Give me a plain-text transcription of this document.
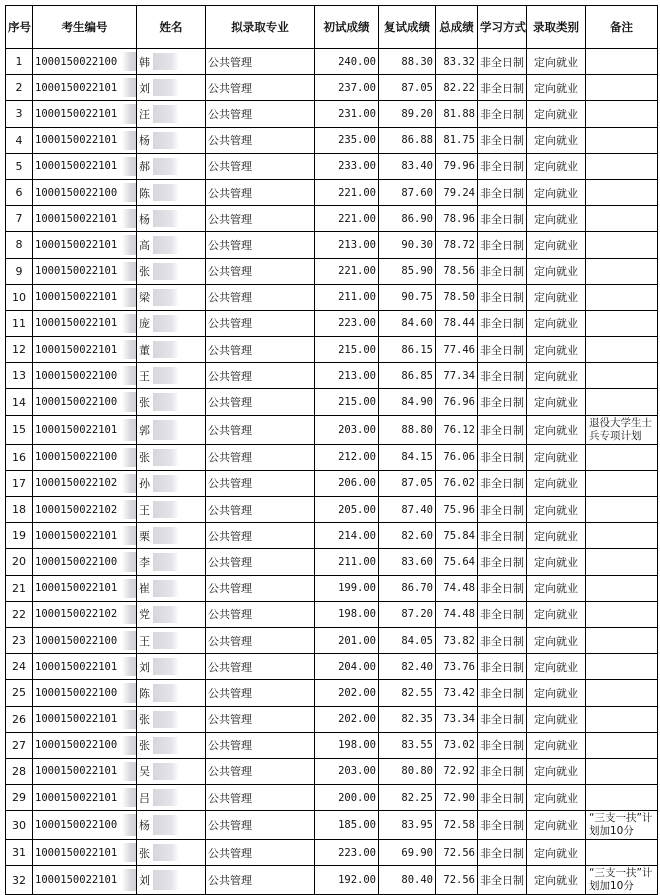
序号	考生编号	姓名	拟录取专业	初试成绩	复试成绩	总成绩	学习方式	录取类别	备注
1	1000150022100	韩	公共管理	240.00	88.30	83.32	非全日制	定向就业	
2	1000150022101	刘	公共管理	237.00	87.05	82.22	非全日制	定向就业	
3	1000150022101	汪	公共管理	231.00	89.20	81.88	非全日制	定向就业	
4	1000150022101	杨	公共管理	235.00	86.88	81.75	非全日制	定向就业	
5	1000150022101	郝	公共管理	233.00	83.40	79.96	非全日制	定向就业	
6	1000150022100	陈	公共管理	221.00	87.60	79.24	非全日制	定向就业	
7	1000150022101	杨	公共管理	221.00	86.90	78.96	非全日制	定向就业	
8	1000150022101	高	公共管理	213.00	90.30	78.72	非全日制	定向就业	
9	1000150022101	张	公共管理	221.00	85.90	78.56	非全日制	定向就业	
10	1000150022101	梁	公共管理	211.00	90.75	78.50	非全日制	定向就业	
11	1000150022101	庞	公共管理	223.00	84.60	78.44	非全日制	定向就业	
12	1000150022101	董	公共管理	215.00	86.15	77.46	非全日制	定向就业	
13	1000150022100	王	公共管理	213.00	86.85	77.34	非全日制	定向就业	
14	1000150022100	张	公共管理	215.00	84.90	76.96	非全日制	定向就业	
15	1000150022101	郭	公共管理	203.00	88.80	76.12	非全日制	定向就业	退役大学生士兵专项计划
16	1000150022100	张	公共管理	212.00	84.15	76.06	非全日制	定向就业	
17	1000150022102	孙	公共管理	206.00	87.05	76.02	非全日制	定向就业	
18	1000150022102	王	公共管理	205.00	87.40	75.96	非全日制	定向就业	
19	1000150022101	栗	公共管理	214.00	82.60	75.84	非全日制	定向就业	
20	1000150022100	李	公共管理	211.00	83.60	75.64	非全日制	定向就业	
21	1000150022101	崔	公共管理	199.00	86.70	74.48	非全日制	定向就业	
22	1000150022102	党	公共管理	198.00	87.20	74.48	非全日制	定向就业	
23	1000150022100	王	公共管理	201.00	84.05	73.82	非全日制	定向就业	
24	1000150022101	刘	公共管理	204.00	82.40	73.76	非全日制	定向就业	
25	1000150022100	陈	公共管理	202.00	82.55	73.42	非全日制	定向就业	
26	1000150022101	张	公共管理	202.00	82.35	73.34	非全日制	定向就业	
27	1000150022100	张	公共管理	198.00	83.55	73.02	非全日制	定向就业	
28	1000150022101	吴	公共管理	203.00	80.80	72.92	非全日制	定向就业	
29	1000150022101	吕	公共管理	200.00	82.25	72.90	非全日制	定向就业	
30	1000150022100	杨	公共管理	185.00	83.95	72.58	非全日制	定向就业	“三支一扶”计划加10分
31	1000150022101	张	公共管理	223.00	69.90	72.56	非全日制	定向就业	
32	1000150022101	刘	公共管理	192.00	80.40	72.56	非全日制	定向就业	“三支一扶”计划加10分
